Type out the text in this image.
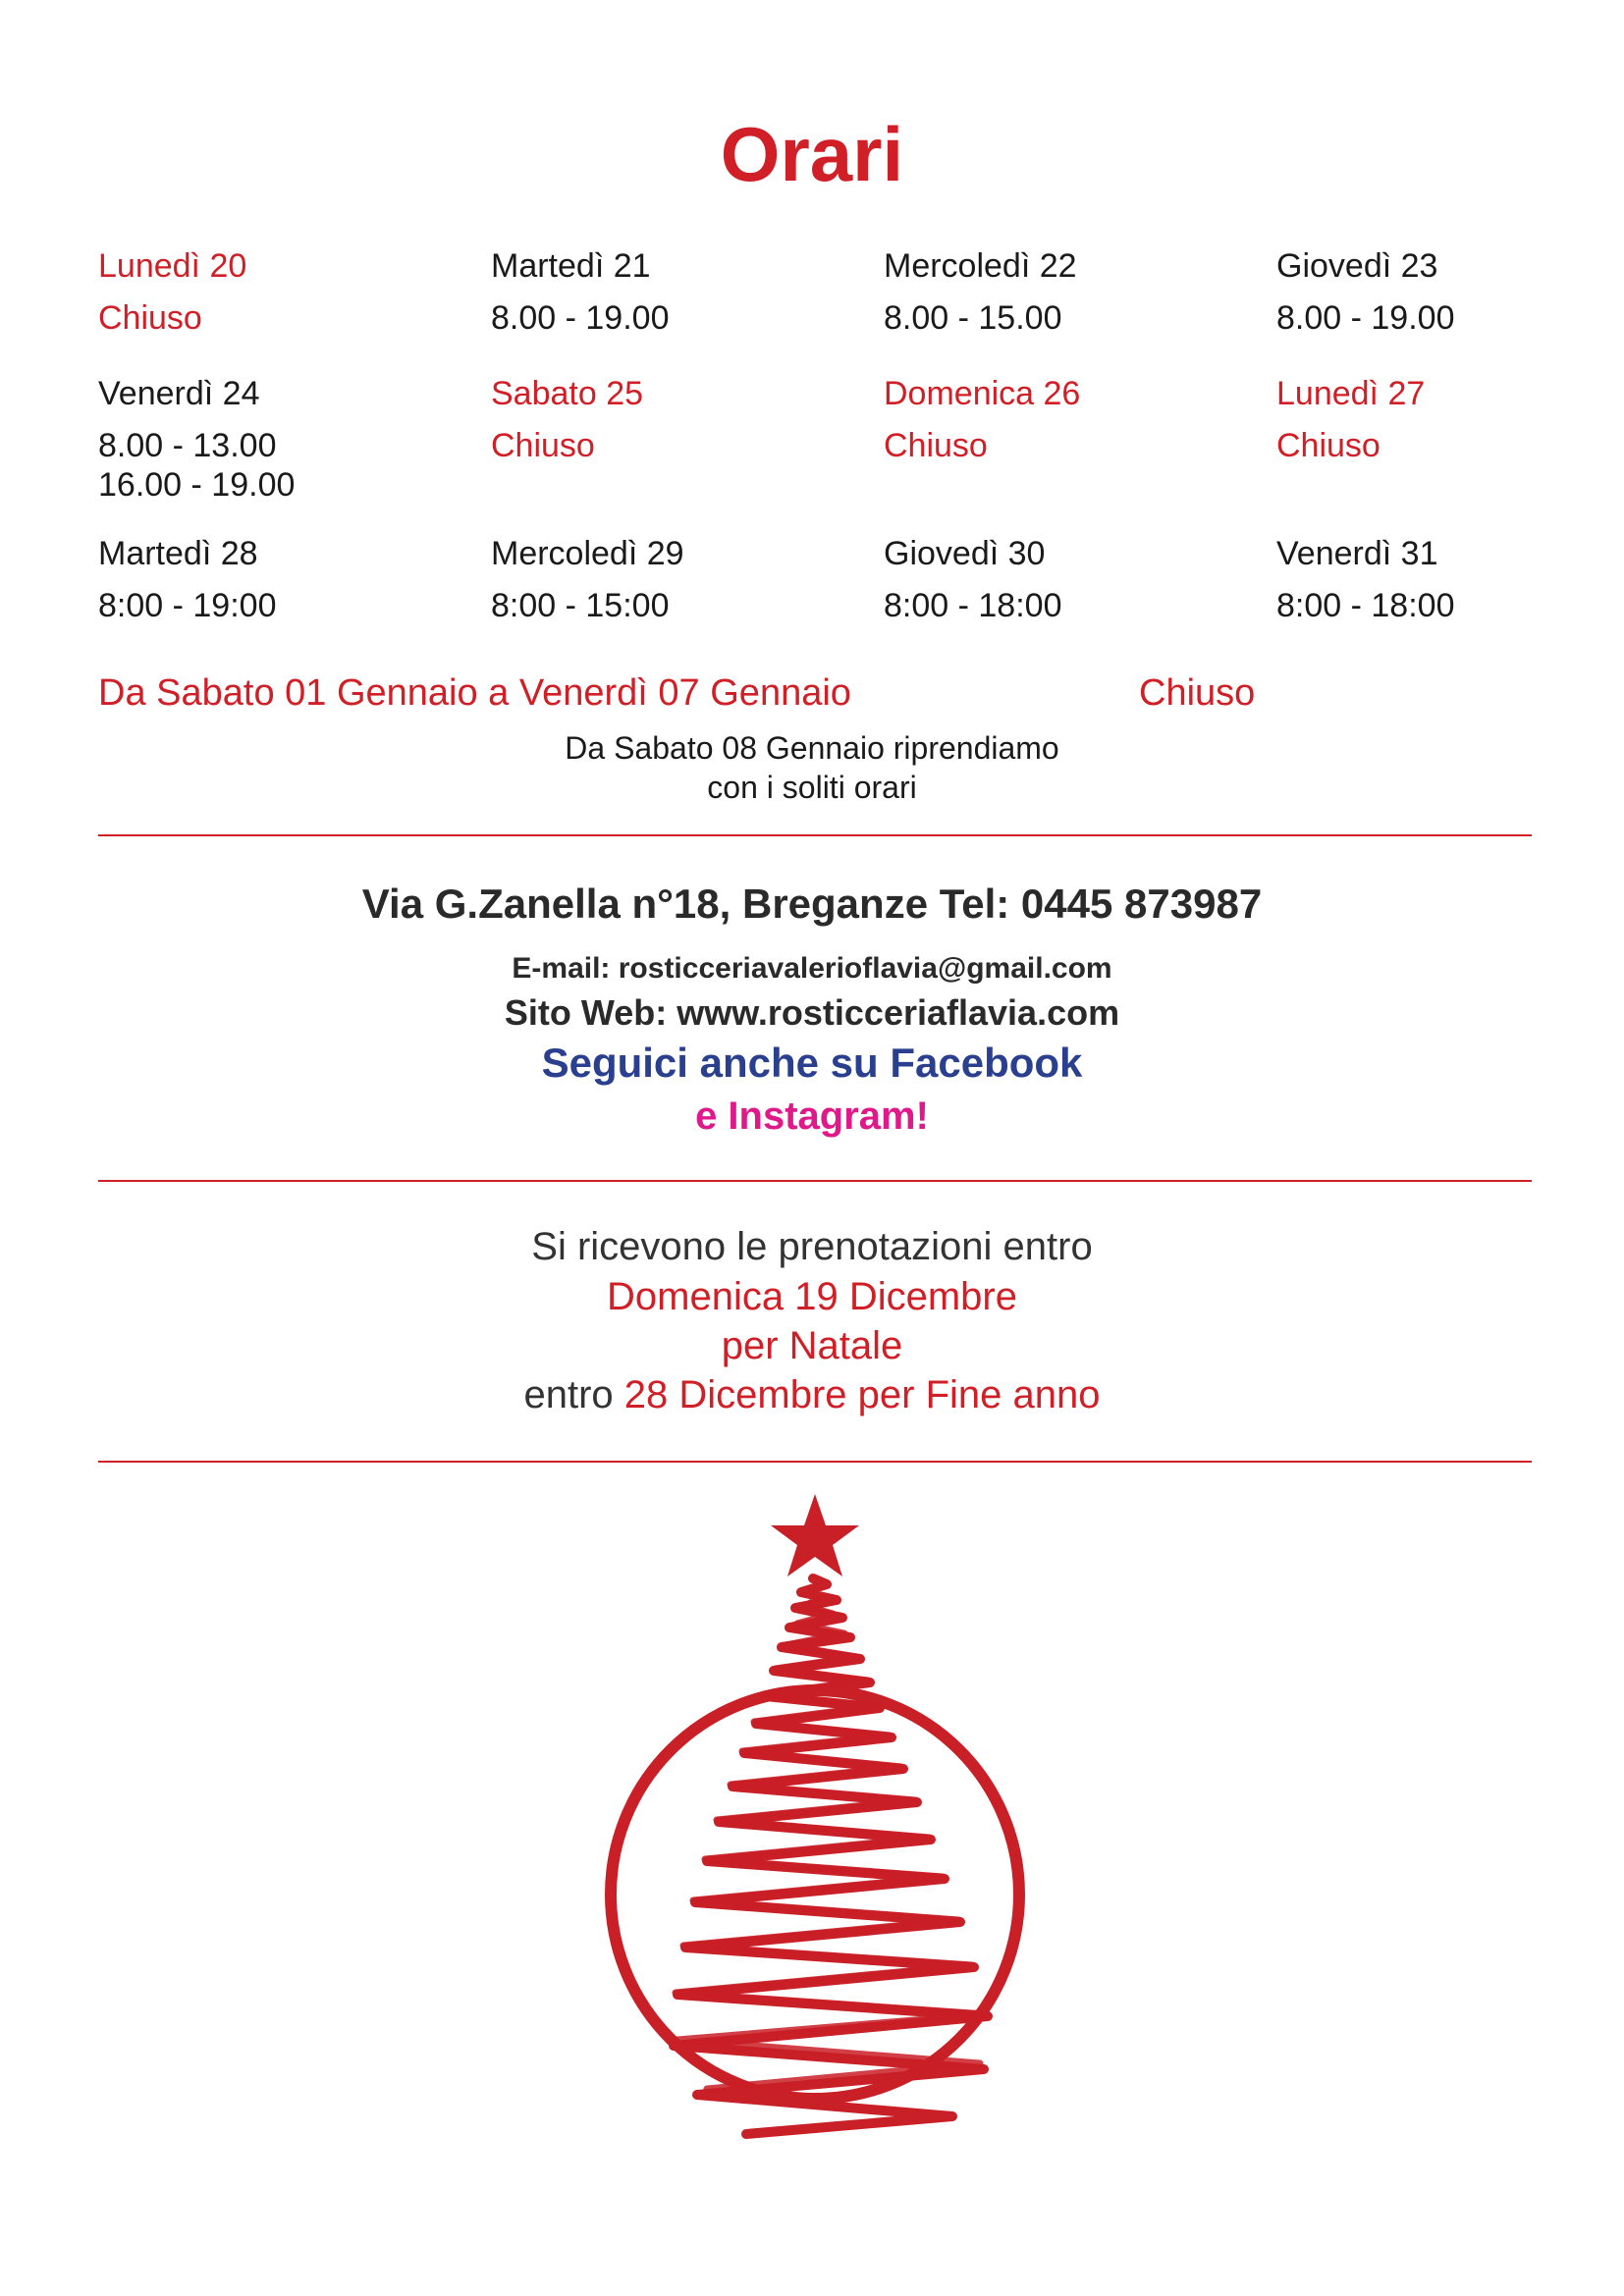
Orari
Lunedì 20
Chiuso
Martedì 21
8.00 - 19.00
Mercoledì 22
8.00 - 15.00
Giovedì 23
8.00 - 19.00
Venerdì 24
8.00 - 13.00
16.00 - 19.00
Sabato 25
Chiuso
Domenica 26
Chiuso
Lunedì 27
Chiuso
Martedì 28
8:00 - 19:00
Mercoledì 29
8:00 - 15:00
Giovedì 30
8:00 - 18:00
Venerdì 31
8:00 - 18:00
Da Sabato 01 Gennaio a Venerdì 07 Gennaio	Chiuso
Da Sabato 08 Gennaio riprendiamo
con i soliti orari
Via G.Zanella n°18, Breganze Tel: 0445 873987
E-mail: rosticceriavalerioflavia@gmail.com
Sito Web: www.rosticceriaflavia.com
Seguici anche su Facebook
e Instagram!
Si ricevono le prenotazioni entro
Domenica 19 Dicembre
per Natale
entro 28 Dicembre per Fine anno
